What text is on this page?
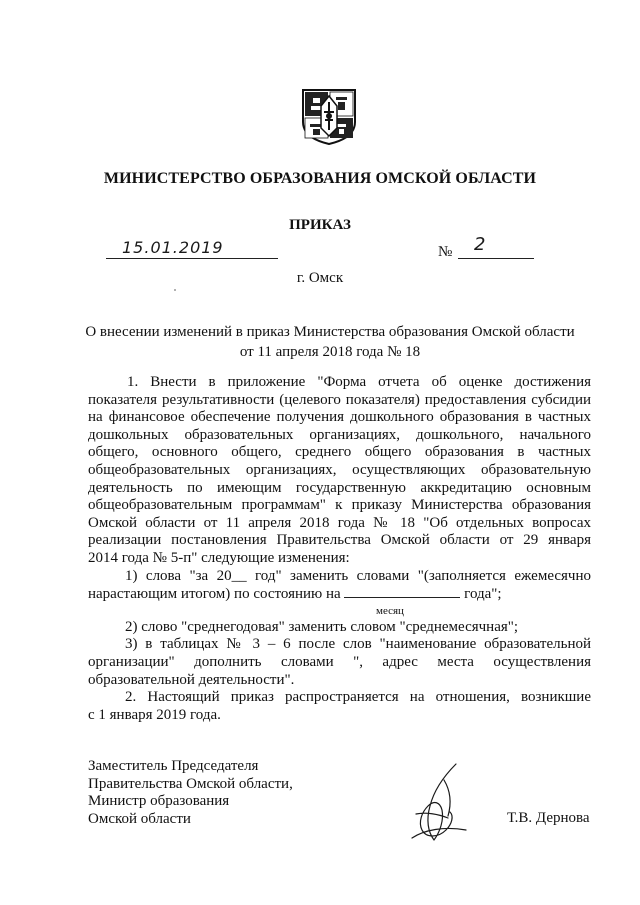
МИНИСТЕРСТВО ОБРАЗОВАНИЯ ОМСКОЙ ОБЛАСТИ
ПРИКАЗ
15.01.2019	№ 2
г. Омск
О внесении изменений в приказ Министерства образования Омской области
от 11 апреля 2018 года № 18

1. Внести в приложение "Форма отчета об оценке достижения

показателя результативности (целевого показателя) предоставления субсидии

на финансовое обеспечение получения дошкольного образования в частных

дошкольных образовательных организациях, дошкольного, начального

общего, основного общего, среднего общего образования в частных

общеобразовательных организациях, осуществляющих образовательную

деятельность по имеющим государственную аккредитацию основным

общеобразовательным программам" к приказу Министерства образования

Омской области от 11 апреля 2018 года № 18 "Об отдельных вопросах

реализации постановления Правительства Омской области от 29 января

2014 года № 5-п" следующие изменения:

1) слова "за 20__ год" заменить словами "(заполняется ежемесячно

нарастающим итогом) по состоянию на	года";

месяц

2) слово "среднегодовая" заменить словом "среднемесячная";

3) в таблицах № 3 – 6 после слов "наименование образовательной

организации" дополнить словами ", адрес места осуществления

образовательной деятельности".

2. Настоящий приказ распространяется на отношения, возникшие

с 1 января 2019 года.

Заместитель Председателя
Правительства Омской области,
Министр образования
Омской области	Т.В. Дернова
